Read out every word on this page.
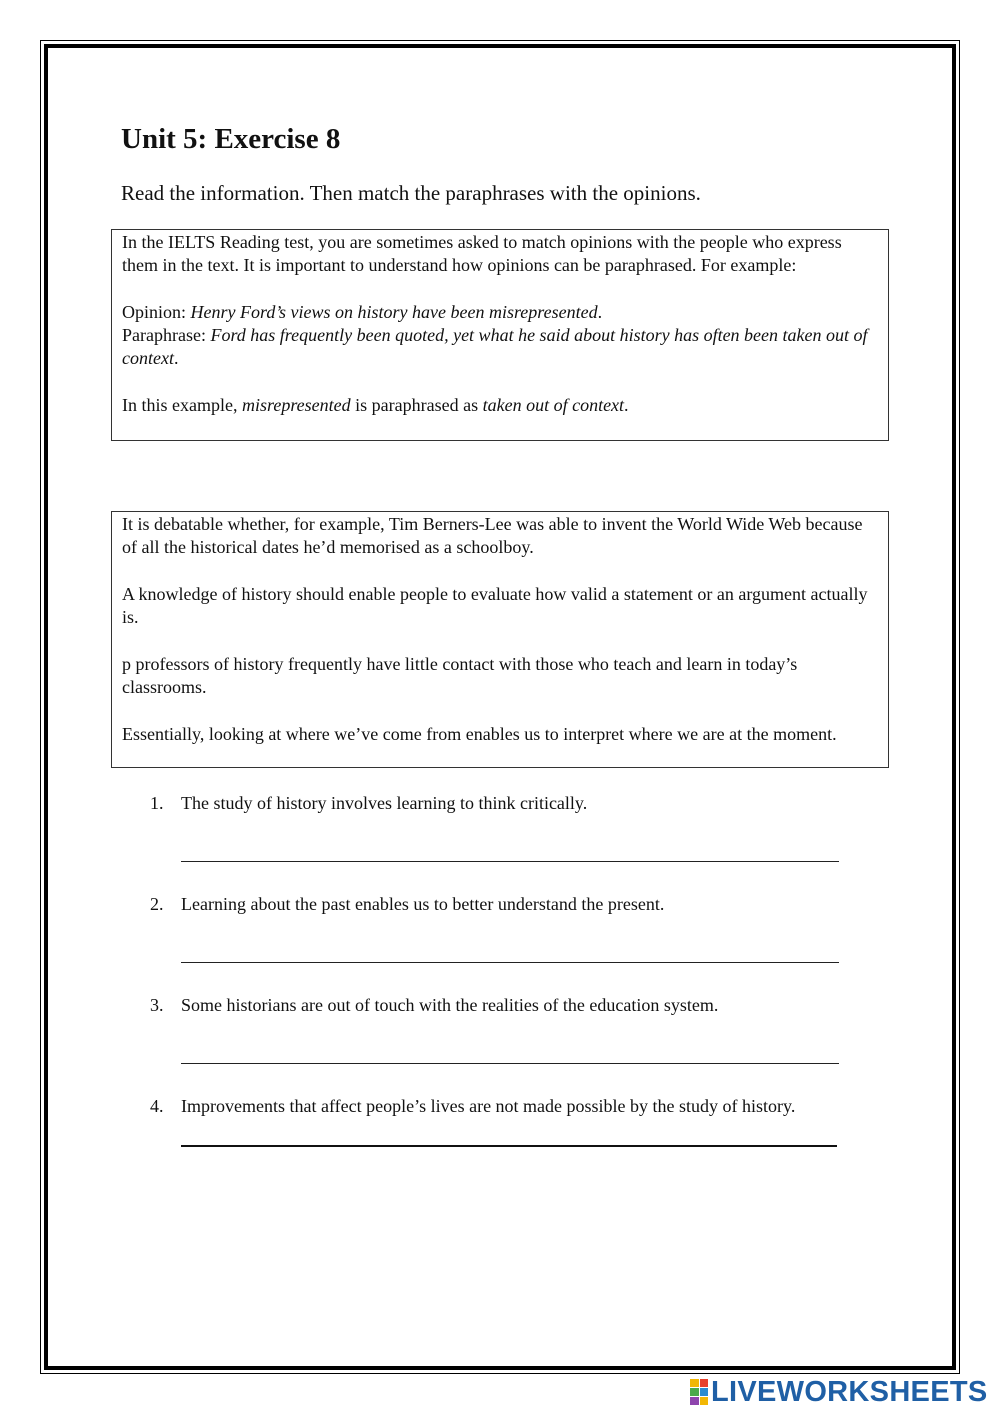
Unit 5: Exercise 8

Read the information. Then match the paraphrases with the opinions.

In the IELTS Reading test, you are sometimes asked to match opinions with the people who express them in the text. It is important to understand how opinions can be paraphrased. For example:

Opinion: Henry Ford’s views on history have been misrepresented.

Paraphrase: Ford has frequently been quoted, yet what he said about history has often been taken out of context.

In this example, misrepresented is paraphrased as taken out of context.

It is debatable whether, for example, Tim Berners-Lee was able to invent the World Wide Web because of all the historical dates he’d memorised as a schoolboy.

A knowledge of history should enable people to evaluate how valid a statement or an argument actually is.

p professors of history frequently have little contact with those who teach and learn in today’s classrooms.

Essentially, looking at where we’ve come from enables us to interpret where we are at the moment.

1. The study of history involves learning to think critically.
2. Learning about the past enables us to better understand the present.
3. Some historians are out of touch with the realities of the education system.
4. Improvements that affect people’s lives are not made possible by the study of history.
LIVEWORKSHEETS
